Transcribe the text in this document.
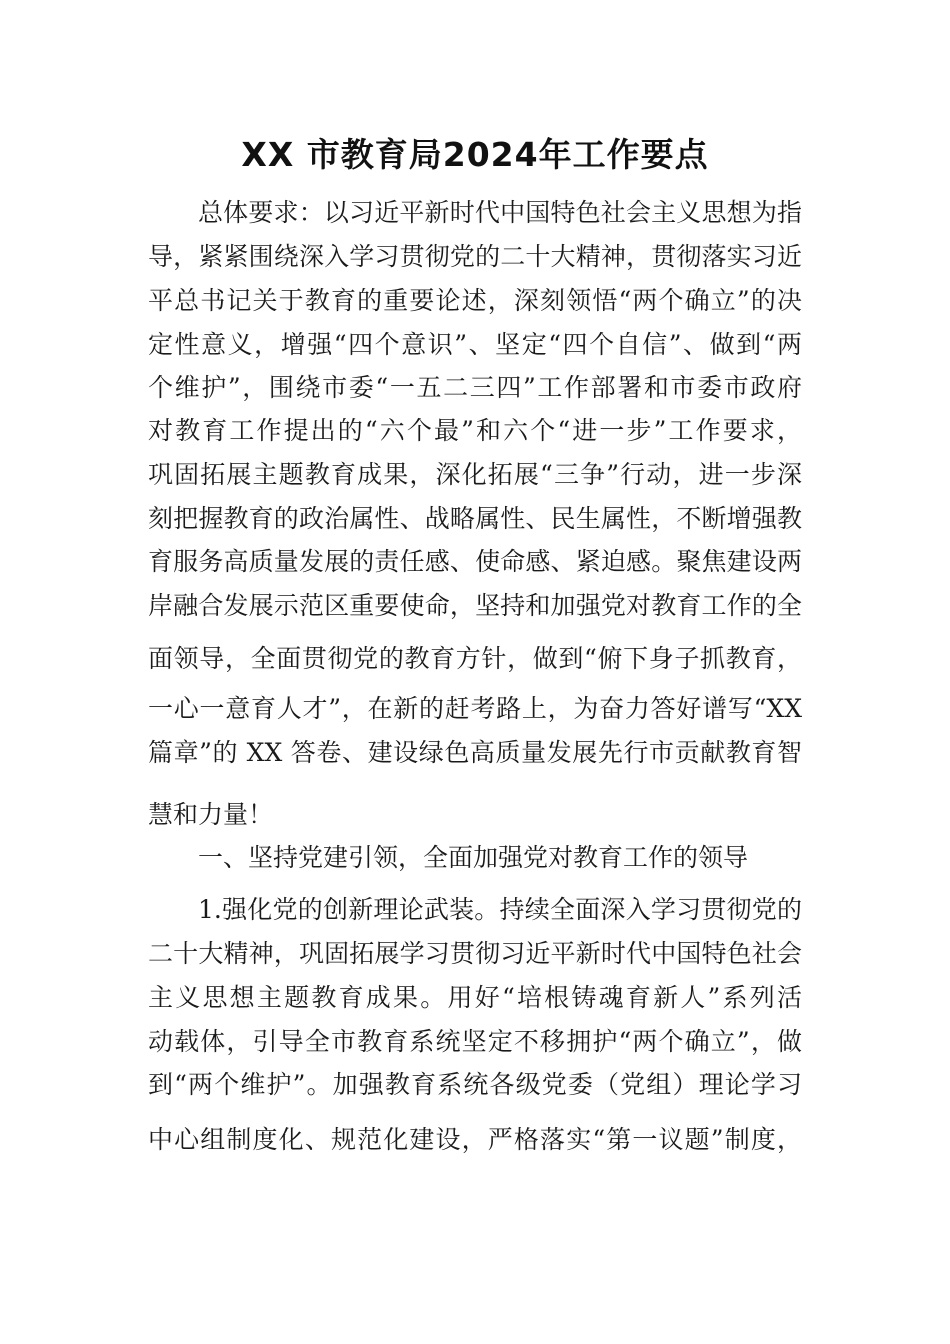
XX 市教育局2024年工作要点
总体要求：以习近平新时代中国特色社会主义思想为指
导，紧紧围绕深入学习贯彻党的二十大精神，贯彻落实习近
平总书记关于教育的重要论述，深刻领悟“两个确立”的决
定性意义，增强“四个意识”、坚定“四个自信”、做到“两
个维护”，围绕市委“一五二三四”工作部署和市委市政府
对教育工作提出的“六个最”和六个“进一步”工作要求，
巩固拓展主题教育成果，深化拓展“三争”行动，进一步深
刻把握教育的政治属性、战略属性、民生属性，不断增强教
育服务高质量发展的责任感、使命感、紧迫感。聚焦建设两
岸融合发展示范区重要使命，坚持和加强党对教育工作的全
面领导，全面贯彻党的教育方针，做到“俯下身子抓教育，
一心一意育人才”，在新的赶考路上，为奋力答好谱写“XX
篇章”的 XX 答卷、建设绿色高质量发展先行市贡献教育智
慧和力量！
一、坚持党建引领，全面加强党对教育工作的领导
1.强化党的创新理论武装。持续全面深入学习贯彻党的
二十大精神，巩固拓展学习贯彻习近平新时代中国特色社会
主义思想主题教育成果。用好“培根铸魂育新人”系列活
动载体，引导全市教育系统坚定不移拥护“两个确立”，做
到“两个维护”。加强教育系统各级党委（党组）理论学习
中心组制度化、规范化建设，严格落实“第一议题”制度，
